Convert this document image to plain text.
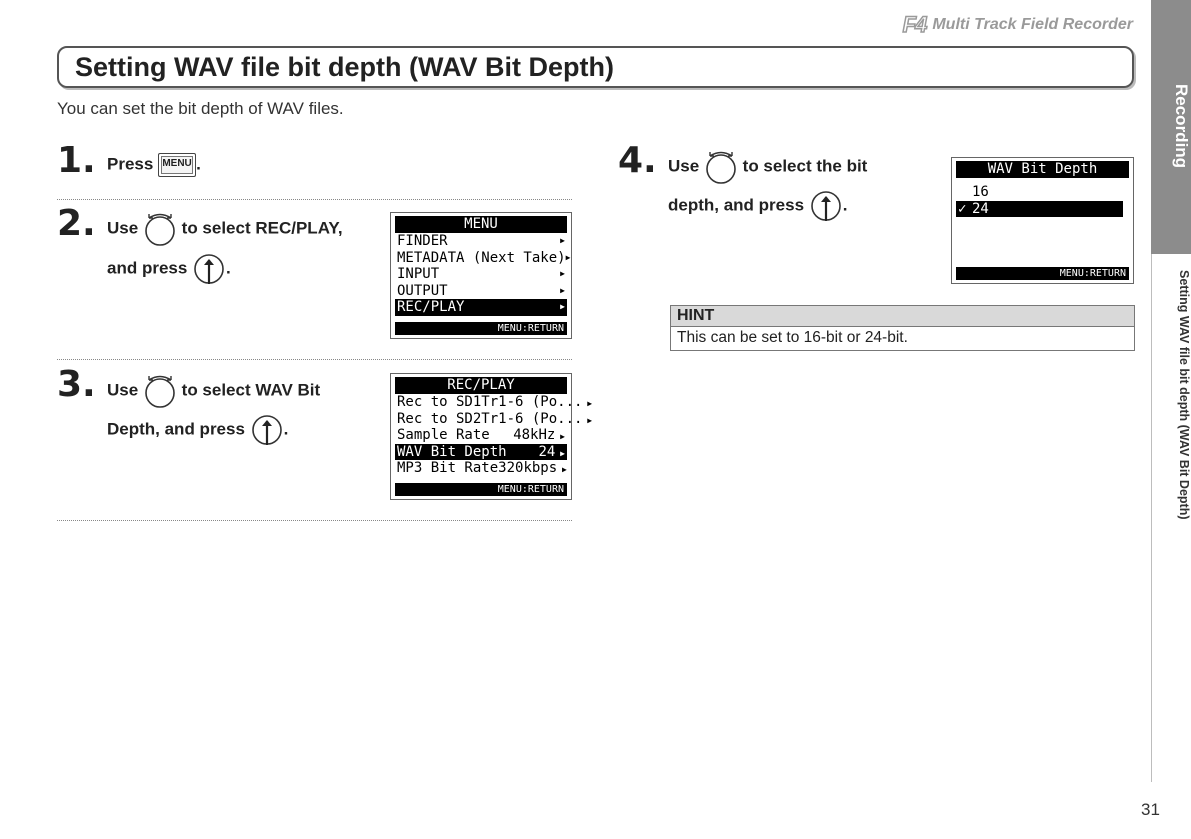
F4 Multi Track Field Recorder
Setting WAV file bit depth (WAV Bit Depth)
You can set the bit depth of WAV files.	Recording
Setting WAV file bit depth (WAV Bit Depth)
31
1. Press MENU .
2. Use	to select REC/PLAY,
and press .
MENU
FINDER	▶
METADATA (Next Take) ▶
INPUT	▶
OUTPUT	▶
REC/PLAY	▶
MENU:RETURN
3. Use	to select WAV Bit
Depth, and press .
REC/PLAY
Rec to SD1 Tr1-6 (Po... ▶
Rec to SD2 Tr1-6 (Po... ▶
Sample Rate 48kHz ▶
WAV Bit Depth 24 ▶
MP3 Bit Rate 320kbps ▶
MENU:RETURN
4. Use	to select the bit
depth, and press .
WAV Bit Depth
16
✓ 24
MENU:RETURN
HINT
This can be set to 16-bit or 24-bit.
